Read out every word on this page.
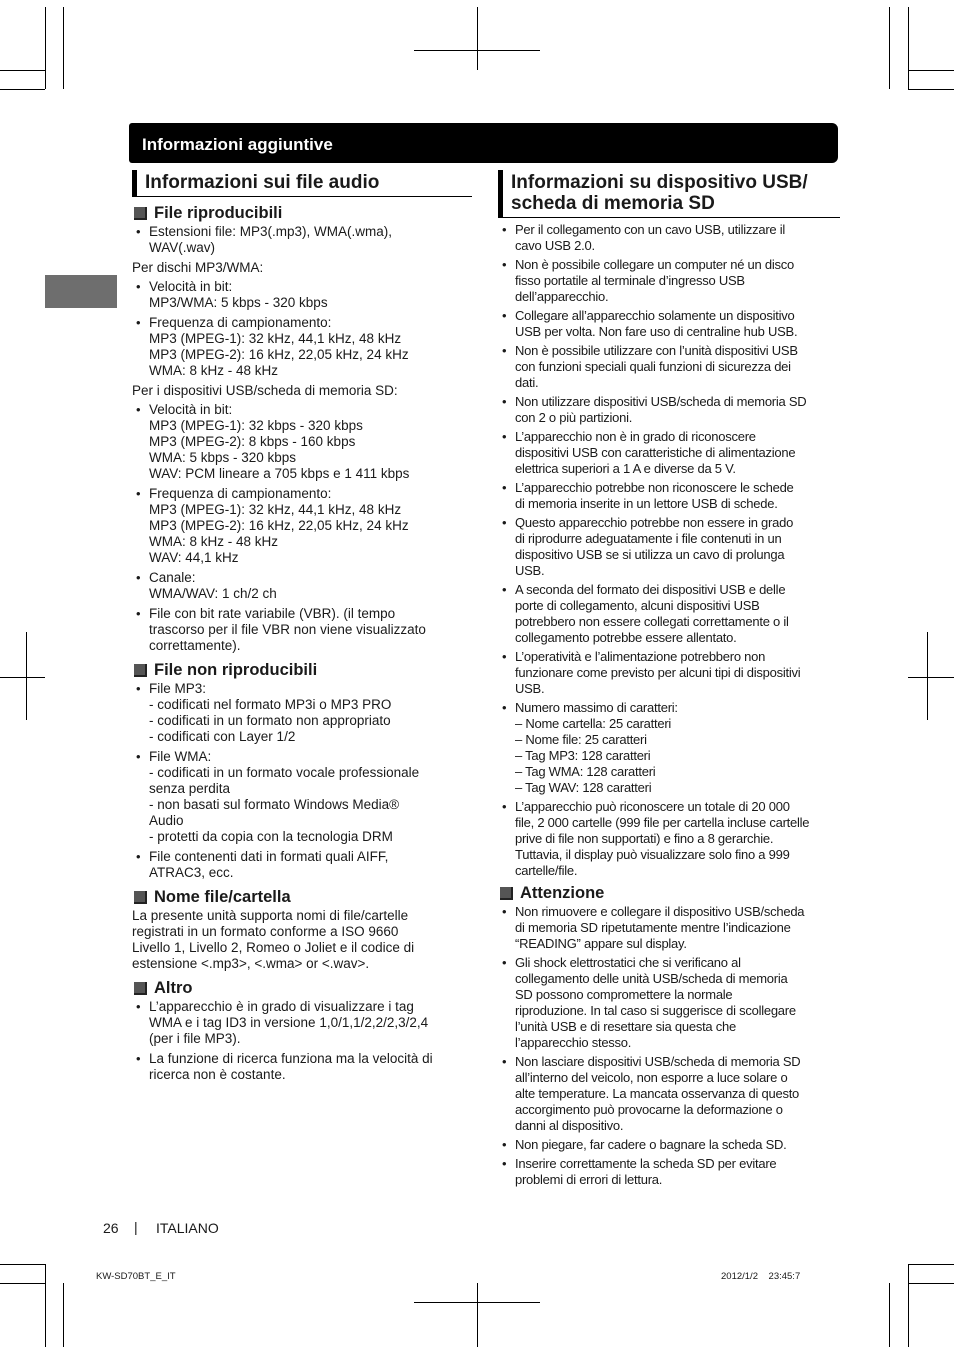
Informazioni aggiuntive
Informazioni sui file audio
File riproducibili
• Estensioni file: MP3(.mp3), WMA(.wma),
WAV(.wav)

Per dischi MP3/WMA:

• Velocità in bit:
MP3/WMA: 5 kbps - 320 kbps
• Frequenza di campionamento:
MP3 (MPEG-1): 32 kHz, 44,1 kHz, 48 kHz
MP3 (MPEG-2): 16 kHz, 22,05 kHz, 24 kHz
WMA: 8 kHz - 48 kHz

Per i dispositivi USB/scheda di memoria SD:

• Velocità in bit:
MP3 (MPEG-1): 32 kbps - 320 kbps
MP3 (MPEG-2): 8 kbps - 160 kbps
WMA: 5 kbps - 320 kbps
WAV: PCM lineare a 705 kbps e 1 411 kbps
• Frequenza di campionamento:
MP3 (MPEG-1): 32 kHz, 44,1 kHz, 48 kHz
MP3 (MPEG-2): 16 kHz, 22,05 kHz, 24 kHz
WMA: 8 kHz - 48 kHz
WAV: 44,1 kHz
• Canale:
WMA/WAV: 1 ch/2 ch
• File con bit rate variabile (VBR). (il tempo
trascorso per il file VBR non viene visualizzato
correttamente).
File non riproducibili
• File MP3:
- codificati nel formato MP3i o MP3 PRO
- codificati in un formato non appropriato
- codificati con Layer 1/2
• File WMA:
- codificati in un formato vocale professionale
senza perdita
- non basati sul formato Windows Media®
Audio
- protetti da copia con la tecnologia DRM
• File contenenti dati in formati quali AIFF,
ATRAC3, ecc.
Nome file/cartella
La presente unità supporta nomi di file/cartelle
registrati in un formato conforme a ISO 9660
Livello 1, Livello 2, Romeo o Joliet e il codice di
estensione <.mp3>, <.wma> or <.wav>.
Altro
• L’apparecchio è in grado di visualizzare i tag
WMA e i tag ID3 in versione 1,0/1,1/2,2/2,3/2,4
(per i file MP3).
• La funzione di ricerca funziona ma la velocità di
ricerca non è costante.
Informazioni su dispositivo USB/
scheda di memoria SD
• Per il collegamento con un cavo USB, utilizzare il
cavo USB 2.0.
• Non è possibile collegare un computer né un disco
fisso portatile al terminale d’ingresso USB
dell’apparecchio.
• Collegare all’apparecchio solamente un dispositivo
USB per volta. Non fare uso di centraline hub USB.
• Non è possibile utilizzare con l’unità dispositivi USB
con funzioni speciali quali funzioni di sicurezza dei
dati.
• Non utilizzare dispositivi USB/scheda di memoria SD
con 2 o più partizioni.
• L’apparecchio non è in grado di riconoscere
dispositivi USB con caratteristiche di alimentazione
elettrica superiori a 1 A e diverse da 5 V.
• L’apparecchio potrebbe non riconoscere le schede
di memoria inserite in un lettore USB di schede.
• Questo apparecchio potrebbe non essere in grado
di riprodurre adeguatamente i file contenuti in un
dispositivo USB se si utilizza un cavo di prolunga
USB.
• A seconda del formato dei dispositivi USB e delle
porte di collegamento, alcuni dispositivi USB
potrebbero non essere collegati correttamente o il
collegamento potrebbe essere allentato.
• L’operatività e l’alimentazione potrebbero non
funzionare come previsto per alcuni tipi di dispositivi
USB.
• Numero massimo di caratteri:
– Nome cartella: 25 caratteri
– Nome file: 25 caratteri
– Tag MP3: 128 caratteri
– Tag WMA: 128 caratteri
– Tag WAV: 128 caratteri
• L’apparecchio può riconoscere un totale di 20 000
file, 2 000 cartelle (999 file per cartella incluse cartelle
prive di file non supportati) e fino a 8 gerarchie.
Tuttavia, il display può visualizzare solo fino a 999
cartelle/file.
Attenzione
• Non rimuovere e collegare il dispositivo USB/scheda
di memoria SD ripetutamente mentre l’indicazione
“READING” appare sul display.
• Gli shock elettrostatici che si verificano al
collegamento delle unità USB/scheda di memoria
SD possono compromettere la normale
riproduzione. In tal caso si suggerisce di scollegare
l’unità USB e di resettare sia questa che
l’apparecchio stesso.
• Non lasciare dispositivi USB/scheda di memoria SD
all’interno del veicolo, non esporre a luce solare o
alte temperature. La mancata osservanza di questo
accorgimento può provocarne la deformazione o
danni al dispositivo.
• Non piegare, far cadere o bagnare la scheda SD.
• Inserire correttamente la scheda SD per evitare
problemi di errori di lettura.
26 | ITALIANO
KW-SD70BT_E_IT	2012/1/2    23:45:7
